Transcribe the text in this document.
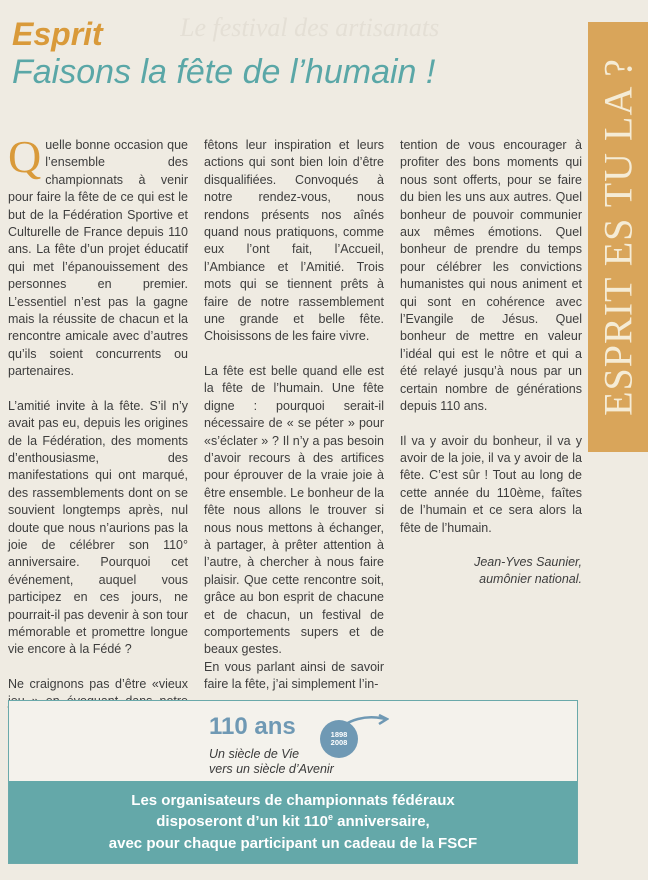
Le festival des artisanats
Esprit
Faisons la fête de l’humain !	ESPRIT ES TU LA ?

Quelle bonne occasion que l’ensemble des championnats à venir pour faire la fête de ce qui est le but de la Fédération Sportive et Culturelle de France depuis 110 ans. La fête d’un projet éducatif qui met l’épanouissement des personnes en premier. L’essentiel n’est pas la gagne mais la réussite de chacun et la rencontre amicale avec d’autres qu’ils soient concurrents ou partenaires.

L’amitié invite à la fête. S’il n’y avait pas eu, depuis les origines de la Fédération, des moments d’enthousiasme, des manifestations qui ont marqué, des rassemblements dont on se souvient longtemps après, nul doute que nous n’aurions pas la joie de célébrer son 110° anniversaire. Pourquoi cet événement, auquel vous participez en ces jours, ne pourrait-il pas devenir à son tour mémorable et promettre longue vie encore à la Fédé ?

Ne craignons pas d’être «vieux

fêtons leur inspiration et leurs actions qui sont bien loin d’être disqualifiées. Convoqués à notre rendez-vous, nous rendons présents nos aînés quand nous pratiquons, comme eux l’ont fait, l’Accueil, l’Ambiance et l’Amitié. Trois mots qui se tiennent prêts à faire de notre rassemblement une grande et belle fête. Choisissons de les faire vivre.

La fête est belle quand elle est la fête de l’humain. Une fête digne : pourquoi serait-il nécessaire de « se péter » pour «s’éclater » ? Il n’y a pas besoin d’avoir recours à des artifices pour éprouver de la vraie joie à être ensemble. Le bonheur de la fête nous allons le trouver si nous nous mettons à échanger, à partager, à prêter attention à l’autre, à chercher à nous faire plaisir. Que cette rencontre soit, grâce au bon esprit de chacune et de chacun, un festival de comportements supers et de beaux gestes.

En vous parlant ainsi de savoir faire la fête, j’ai simplement l’in-

tention de vous encourager à profiter des bons moments qui nous sont offerts, pour se faire du bien les uns aux autres. Quel bonheur de pouvoir communier aux mêmes émotions. Quel bonheur de prendre du temps pour célébrer les convictions humanistes qui nous animent et qui sont en cohérence avec l’Evangile de Jésus. Quel bonheur de mettre en valeur l’idéal qui est le nôtre et qui a été relayé jusqu’à nous par un certain nombre de générations depuis 110 ans.

Il va y avoir du bonheur, il va y avoir de la joie, il va y avoir de la fête. C’est sûr ! Tout au long de cette année du 110ème, faîtes de l’humain et ce sera alors la fête de l’humain.

Jean-Yves Saunier,
aumônier national.
110 ans	1898
2008
Un siècle de Vie
vers un siècle d’Avenir
Les organisateurs de championnats fédéraux
disposeront d’un kit 110e anniversaire,
avec pour chaque participant un cadeau de la FSCF
